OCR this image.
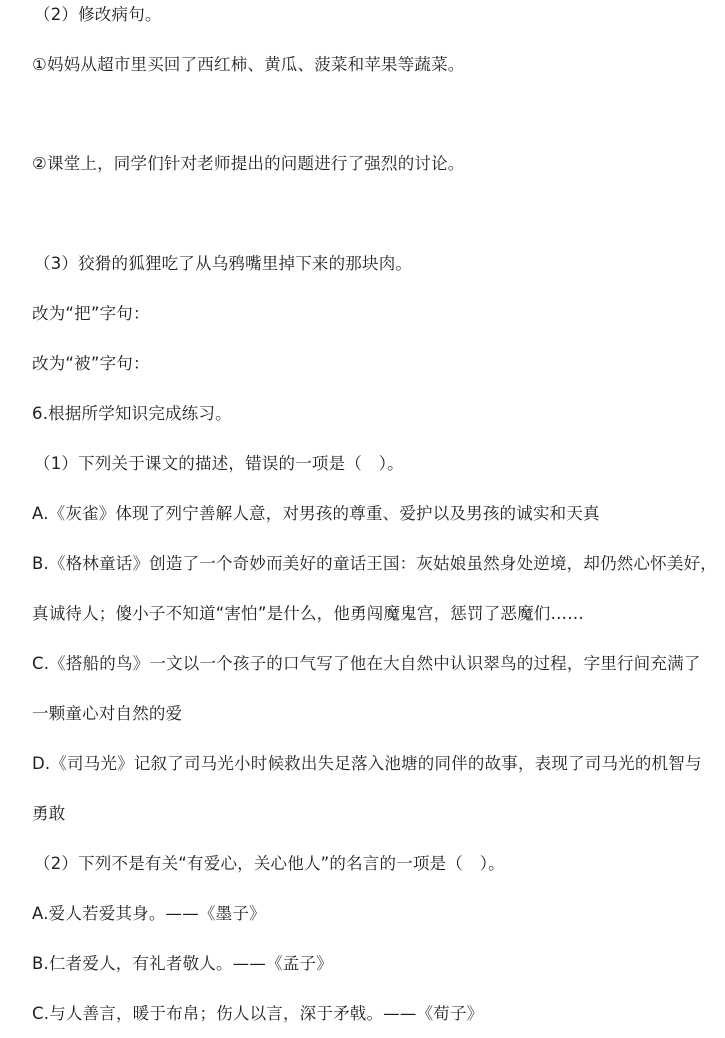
（2）修改病句。
①妈妈从超市里买回了西红柿、黄瓜、菠菜和苹果等蔬菜。
②课堂上，同学们针对老师提出的问题进行了强烈的讨论。
（3）狡猾的狐狸吃了从乌鸦嘴里掉下来的那块肉。
改为“把”字句：
改为“被”字句：
6.根据所学知识完成练习。
（1）下列关于课文的描述，错误的一项是（　）。
A.《灰雀》体现了列宁善解人意，对男孩的尊重、爱护以及男孩的诚实和天真
B.《格林童话》创造了一个奇妙而美好的童话王国：灰姑娘虽然身处逆境，却仍然心怀美好，
真诚待人；傻小子不知道“害怕”是什么，他勇闯魔鬼宫，惩罚了恶魔们……
C.《搭船的鸟》一文以一个孩子的口气写了他在大自然中认识翠鸟的过程，字里行间充满了
一颗童心对自然的爱
D.《司马光》记叙了司马光小时候救出失足落入池塘的同伴的故事，表现了司马光的机智与
勇敢
（2）下列不是有关“有爱心，关心他人”的名言的一项是（　）。
A.爱人若爱其身。——《墨子》
B.仁者爱人，有礼者敬人。——《孟子》
C.与人善言，暖于布帛；伤人以言，深于矛戟。——《荀子》
